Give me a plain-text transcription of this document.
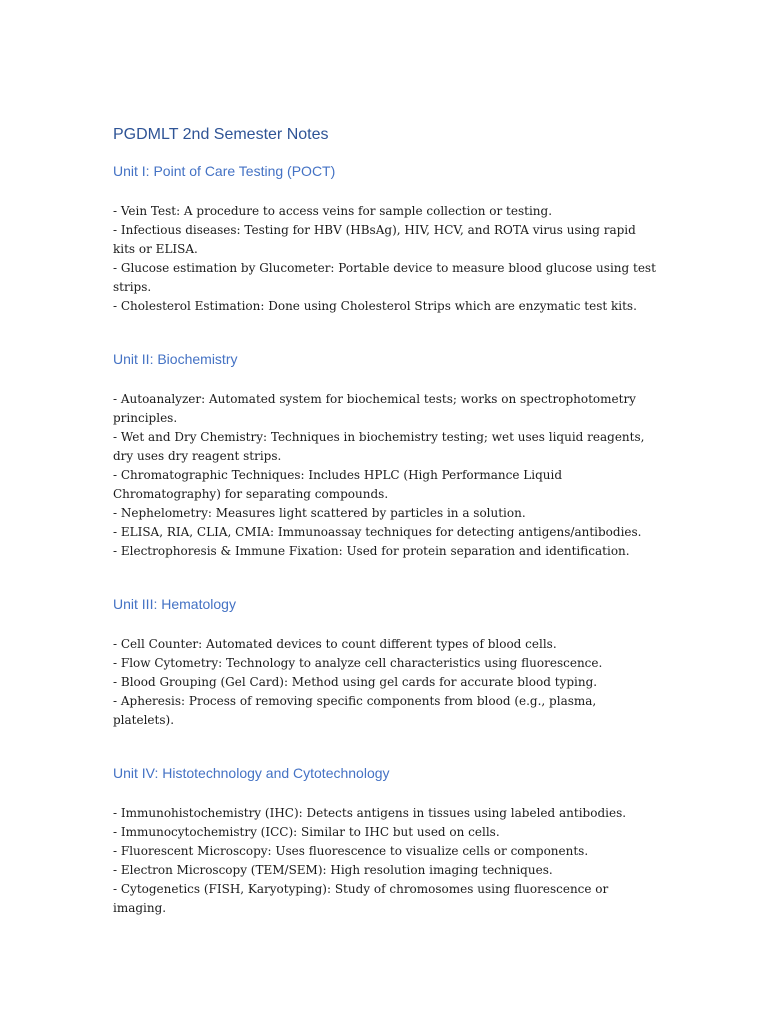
PGDMLT 2nd Semester Notes
Unit I: Point of Care Testing (POCT)
- Vein Test: A procedure to access veins for sample collection or testing.
- Infectious diseases: Testing for HBV (HBsAg), HIV, HCV, and ROTA virus using rapid kits or ELISA.
- Glucose estimation by Glucometer: Portable device to measure blood glucose using test strips.
- Cholesterol Estimation: Done using Cholesterol Strips which are enzymatic test kits.
Unit II: Biochemistry
- Autoanalyzer: Automated system for biochemical tests; works on spectrophotometry principles.
- Wet and Dry Chemistry: Techniques in biochemistry testing; wet uses liquid reagents, dry uses dry reagent strips.
- Chromatographic Techniques: Includes HPLC (High Performance Liquid Chromatography) for separating compounds.
- Nephelometry: Measures light scattered by particles in a solution.
- ELISA, RIA, CLIA, CMIA: Immunoassay techniques for detecting antigens/antibodies.
- Electrophoresis & Immune Fixation: Used for protein separation and identification.
Unit III: Hematology
- Cell Counter: Automated devices to count different types of blood cells.
- Flow Cytometry: Technology to analyze cell characteristics using fluorescence.
- Blood Grouping (Gel Card): Method using gel cards for accurate blood typing.
- Apheresis: Process of removing specific components from blood (e.g., plasma, platelets).
Unit IV: Histotechnology and Cytotechnology
- Immunohistochemistry (IHC): Detects antigens in tissues using labeled antibodies.
- Immunocytochemistry (ICC): Similar to IHC but used on cells.
- Fluorescent Microscopy: Uses fluorescence to visualize cells or components.
- Electron Microscopy (TEM/SEM): High resolution imaging techniques.
- Cytogenetics (FISH, Karyotyping): Study of chromosomes using fluorescence or imaging.
